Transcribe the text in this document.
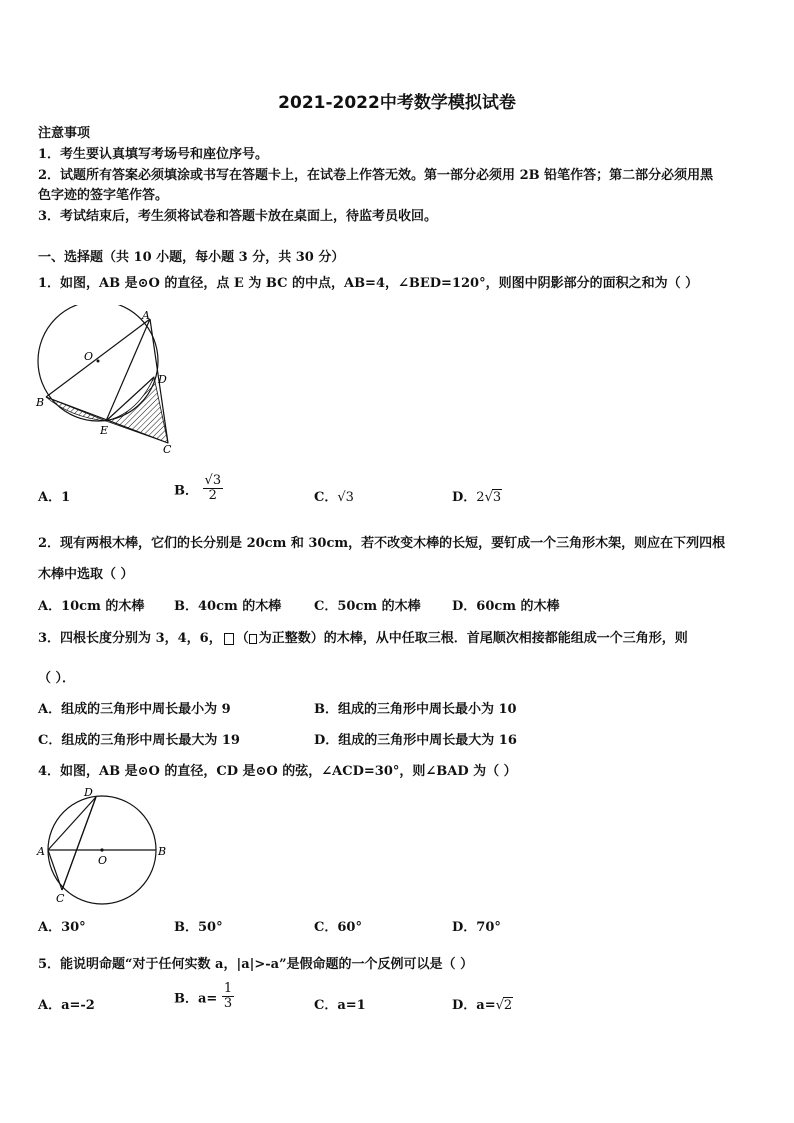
2021-2022中考数学模拟试卷
注意事项
1．考生要认真填写考场号和座位序号。
2．试题所有答案必须填涂或书写在答题卡上，在试卷上作答无效。第一部分必须用 2B 铅笔作答；第二部分必须用黑
色字迹的签字笔作答。
3．考试结束后，考生须将试卷和答题卡放在桌面上，待监考员收回。
一、选择题（共 10 小题，每小题 3 分，共 30 分）
1．如图，AB 是⊙O 的直径，点 E 为 BC 的中点，AB=4，∠BED=120°，则图中阴影部分的面积之和为（ ）
A
O
D
B
E
C
A．1	B． $\frac{√3}{2}$	C．√3	D．2√3
2．现有两根木棒，它们的长分别是 20cm 和 30cm，若不改变木棒的长短，要钉成一个三角形木架，则应在下列四根
木棒中选取（ ）
A．10cm 的木棒 B．40cm 的木棒	C．50cm 的木棒 D．60cm 的木棒
3．四根长度分别为 3，4，6， （ 为正整数）的木棒，从中任取三根．首尾顺次相接都能组成一个三角形，则
（ ）．
A．组成的三角形中周长最小为 9	B．组成的三角形中周长最小为 10
C．组成的三角形中周长最大为 19	D．组成的三角形中周长最大为 16
4．如图，AB 是⊙O 的直径，CD 是⊙O 的弦，∠ACD=30°，则∠BAD 为（ ）
D
A
O
B
C
A．30°	B．50°	C．60°	D．70°
5．能说明命题“对于任何实数 a，|a|>-a”是假命题的一个反例可以是（ ）
A．a=-2	B．$a= \frac{1}{3}$	C．a=1	D．a=√2
